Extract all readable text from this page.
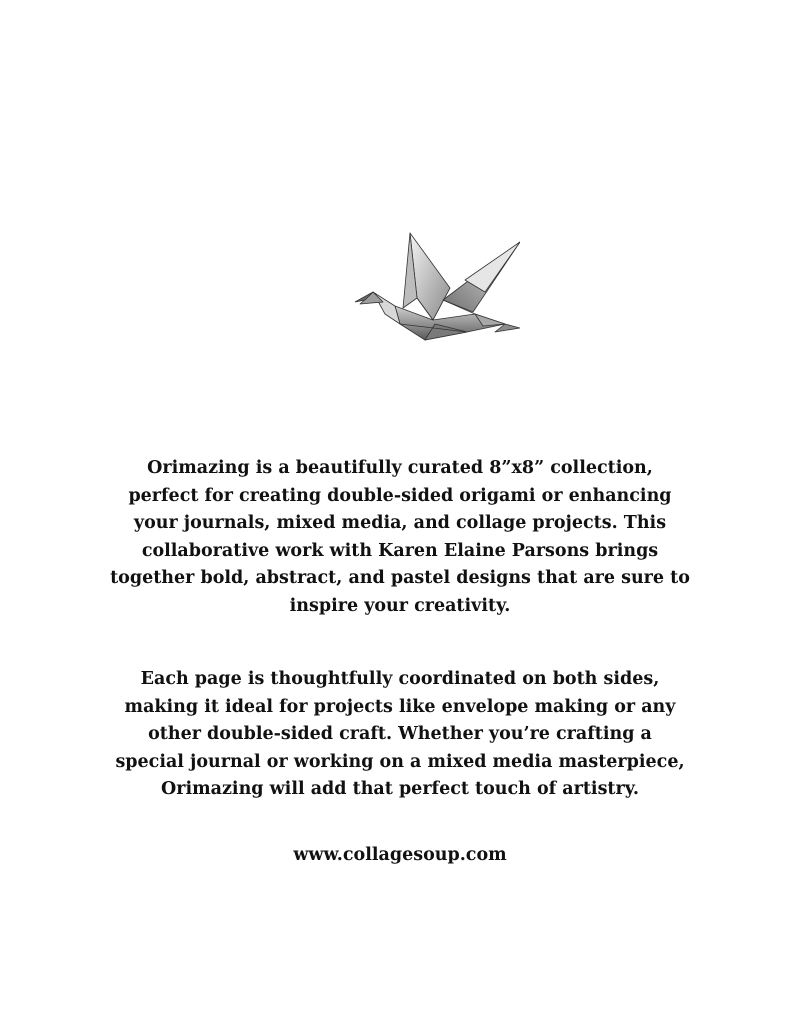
Orimazing is a beautifully curated 8”x8” collection,

perfect for creating double-sided origami or enhancing

your journals, mixed media, and collage projects. This

collaborative work with Karen Elaine Parsons brings

together bold, abstract, and pastel designs that are sure to

inspire your creativity.

Each page is thoughtfully coordinated on both sides,

making it ideal for projects like envelope making or any

other double-sided craft. Whether you’re crafting a

special journal or working on a mixed media masterpiece,

Orimazing will add that perfect touch of artistry.

www.collagesoup.com
